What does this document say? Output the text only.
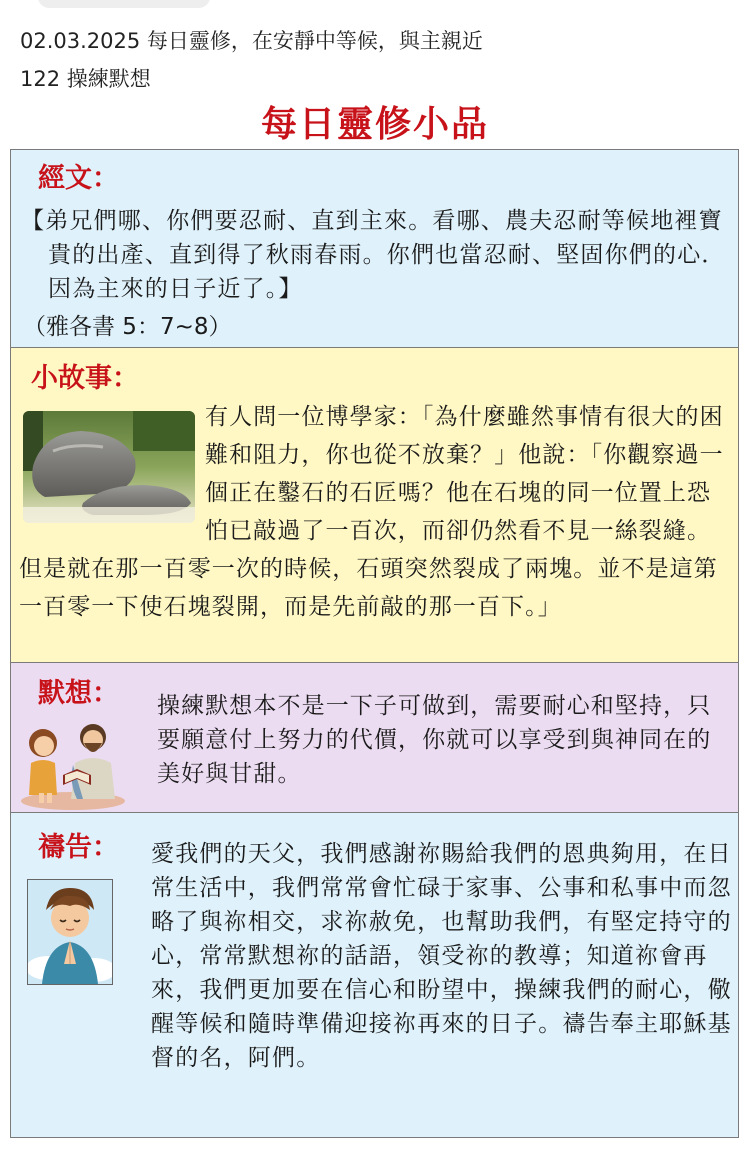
02.03.2025 每日靈修，在安靜中等候，與主親近
122 操練默想
每日靈修小品
經文：
【弟兄們哪、你們要忍耐、直到主來。看哪、農夫忍耐等候地裡寶貴的出產、直到得了秋雨春雨。你們也當忍耐、堅固你們的心．因為主來的日子近了。】
（雅各書 5：7~8）
小故事：
有人問一位博學家：「為什麼雖然事情有很大的困難和阻力，你也從不放棄？」他說：「你觀察過一個正在鑿石的石匠嗎？他在石塊的同一位置上恐怕已敲過了一百次，而卻仍然看不見一絲裂縫。但是就在那一百零一次的時候，石頭突然裂成了兩塊。並不是這第一百零一下使石塊裂開，而是先前敲的那一百下。」
默想： 操練默想本不是一下子可做到，需要耐心和堅持，只要願意付上努力的代價，你就可以享受到與神同在的美好與甘甜。
禱告： 愛我們的天父，我們感謝祢賜給我們的恩典夠用，在日常生活中，我們常常會忙碌于家事、公事和私事中而忽略了與祢相交，求祢赦免，也幫助我們，有堅定持守的心，常常默想祢的話語，領受祢的教導；知道祢會再來，我們更加要在信心和盼望中，操練我們的耐心，儆醒等候和隨時準備迎接祢再來的日子。禱告奉主耶穌基督的名，阿們。
